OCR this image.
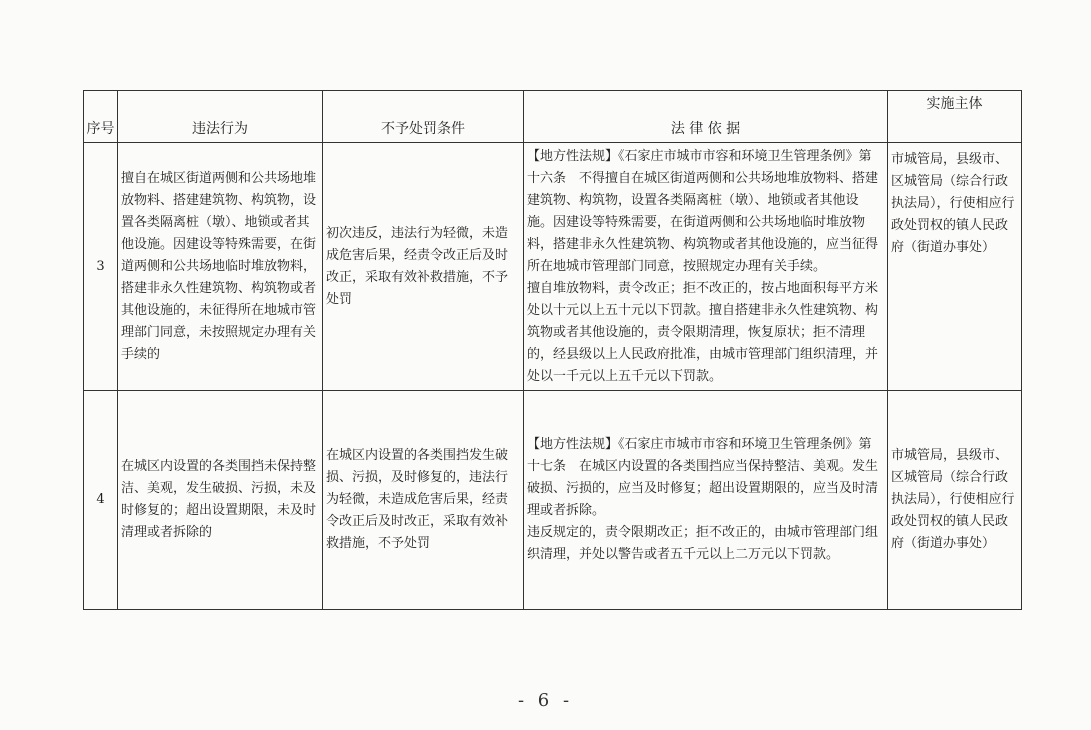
序号	违法行为	不予处罚条件	法 律 依 据	实施主体
3	擅自在城区街道两侧和公共场地堆放物料、搭建建筑物、构筑物，设置各类隔离桩（墩）、地锁或者其他设施。因建设等特殊需要，在街道两侧和公共场地临时堆放物料，搭建非永久性建筑物、构筑物或者其他设施的，未征得所在地城市管理部门同意，未按照规定办理有关手续的	初次违反，违法行为轻微，未造成危害后果，经责令改正后及时改正，采取有效补救措施，不予处罚	【地方性法规】《石家庄市城市市容和环境卫生管理条例》第十六条　不得擅自在城区街道两侧和公共场地堆放物料、搭建建筑物、构筑物，设置各类隔离桩（墩）、地锁或者其他设施。因建设等特殊需要，在街道两侧和公共场地临时堆放物料，搭建非永久性建筑物、构筑物或者其他设施的，应当征得所在地城市管理部门同意，按照规定办理有关手续。

擅自堆放物料，责令改正；拒不改正的，按占地面积每平方米处以十元以上五十元以下罚款。擅自搭建非永久性建筑物、构筑物或者其他设施的，责令限期清理，恢复原状；拒不清理的，经县级以上人民政府批准，由城市管理部门组织清理，并处以一千元以上五千元以下罚款。	市城管局，县级市、区城管局（综合行政执法局），行使相应行政处罚权的镇人民政府（街道办事处）
4	在城区内设置的各类围挡未保持整洁、美观，发生破损、污损，未及时修复的；超出设置期限，未及时清理或者拆除的	在城区内设置的各类围挡发生破损、污损，及时修复的，违法行为轻微，未造成危害后果，经责令改正后及时改正，采取有效补救措施，不予处罚	【地方性法规】《石家庄市城市市容和环境卫生管理条例》第十七条　在城区内设置的各类围挡应当保持整洁、美观。发生破损、污损的，应当及时修复；超出设置期限的，应当及时清理或者拆除。

违反规定的，责令限期改正；拒不改正的，由城市管理部门组织清理，并处以警告或者五千元以上二万元以下罚款。	市城管局，县级市、区城管局（综合行政执法局），行使相应行政处罚权的镇人民政府（街道办事处）
- 6 -
